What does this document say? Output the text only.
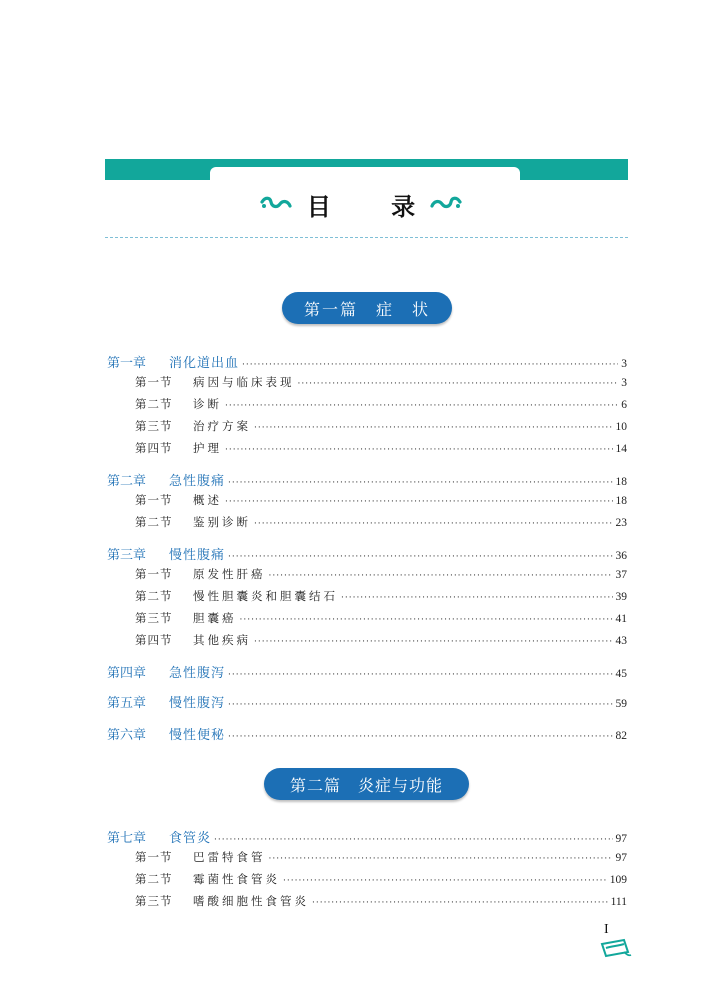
目 录
第一篇　症　状
第一章	消化道出血 ·····	3
第一节	病因与临床表现 ·····	3
第二节	诊断 ·····	6
第三节	治疗方案 ·····	10
第四节	护理 ·····	14
第二章	急性腹痛 ·····	18
第一节	概述 ·····	18
第二节	鉴别诊断 ·····	23
第三章	慢性腹痛 ·····	36
第一节	原发性肝癌 ·····	37
第二节	慢性胆囊炎和胆囊结石 ·····	39
第三节	胆囊癌 ·····	41
第四节	其他疾病 ·····	43
第四章	急性腹泻 ·····	45
第五章	慢性腹泻 ·····	59
第六章	慢性便秘 ·····	82
第二篇　炎症与功能
第七章	食管炎 ·····	97
第一节	巴雷特食管 ·····	97
第二节	霉菌性食管炎 ·····	109
第三节	嗜酸细胞性食管炎 ·····	111
I
